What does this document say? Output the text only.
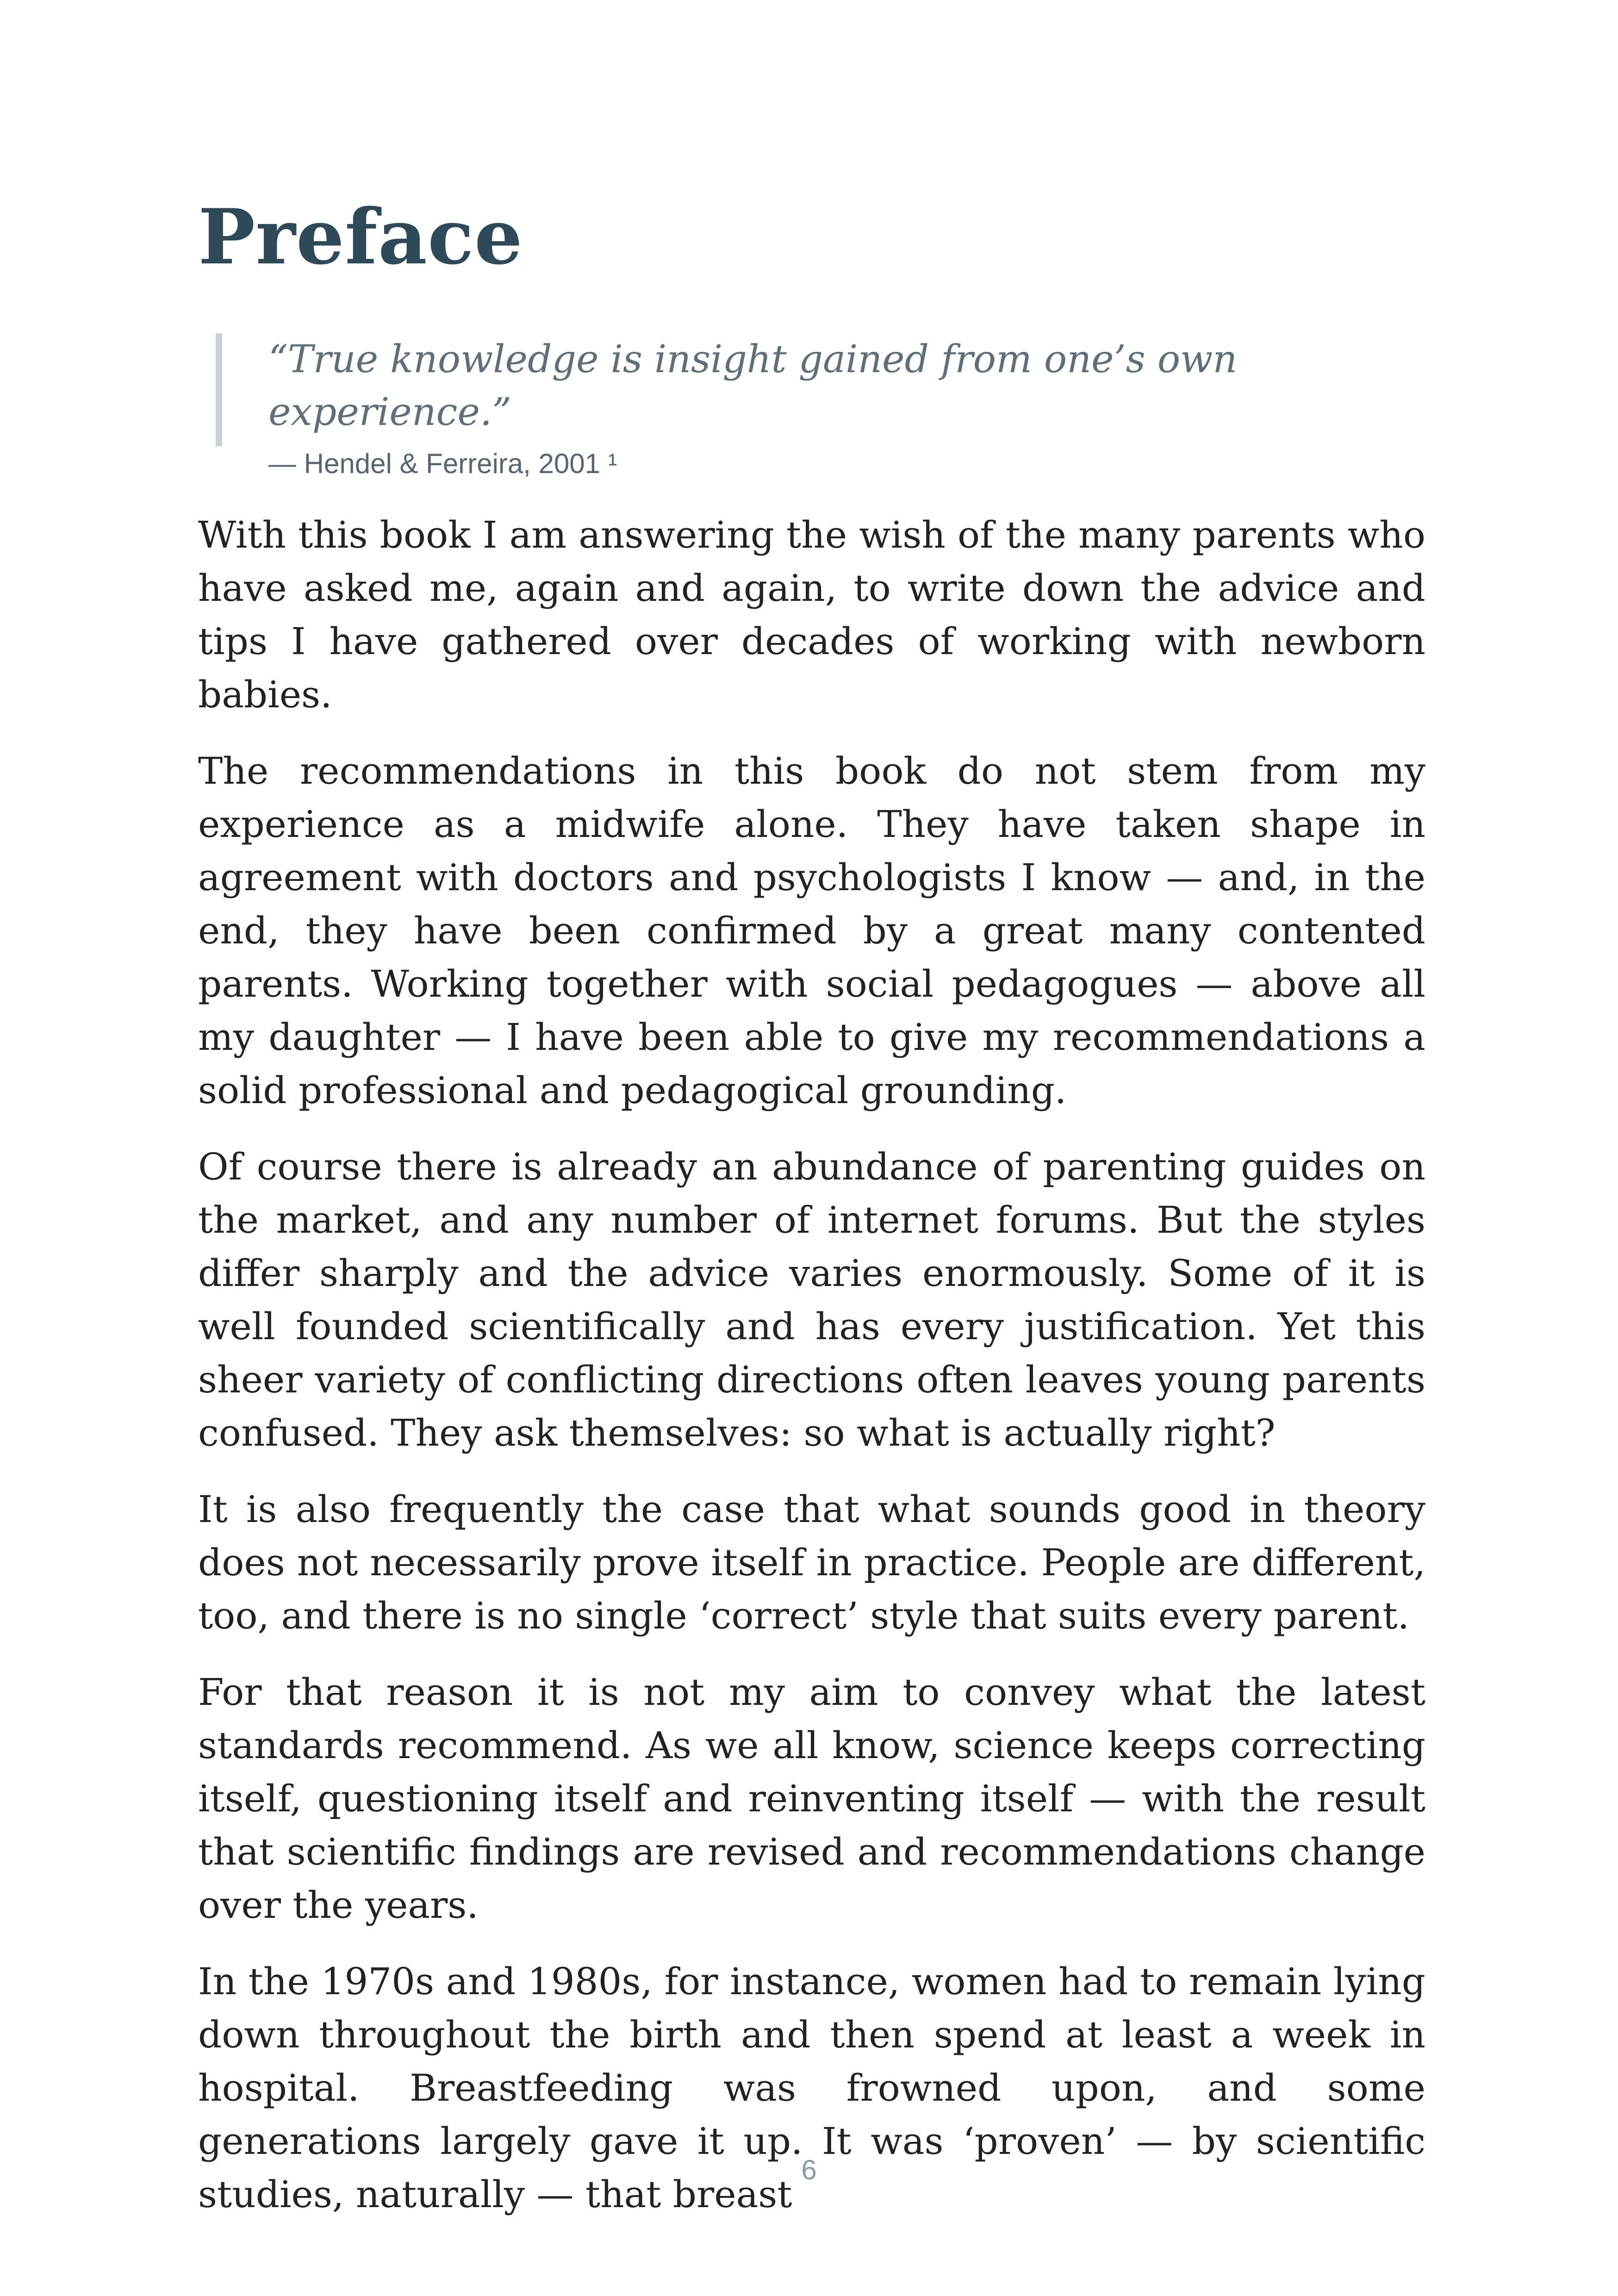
Preface

“True knowledge is insight gained from one’s own experience.”

— Hendel & Ferreira, 2001 ¹

With this book I am answering the wish of the many parents who have asked me, again and again, to write down the advice and tips I have gathered over decades of working with newborn babies.

The recommendations in this book do not stem from my experience as a midwife alone. They have taken shape in agreement with doctors and psychologists I know — and, in the end, they have been confirmed by a great many contented parents. Working together with social pedagogues — above all my daughter — I have been able to give my recommendations a solid professional and pedagogical grounding.

Of course there is already an abundance of parenting guides on the market, and any number of internet forums. But the styles differ sharply and the advice varies enormously. Some of it is well founded scientifically and has every justification. Yet this sheer variety of conflicting directions often leaves young parents confused. They ask themselves: so what is actually right?

It is also frequently the case that what sounds good in theory does not necessarily prove itself in practice. People are different, too, and there is no single ‘correct’ style that suits every parent.

For that reason it is not my aim to convey what the latest standards recommend. As we all know, science keeps correcting itself, questioning itself and reinventing itself — with the result that scientific findings are revised and recommendations change over the years.

In the 1970s and 1980s, for instance, women had to remain lying down throughout the birth and then spend at least a week in hospital. Breastfeeding was frowned upon, and some generations largely gave it up. It was ‘proven’ — by scientific studies, naturally — that breast

6
